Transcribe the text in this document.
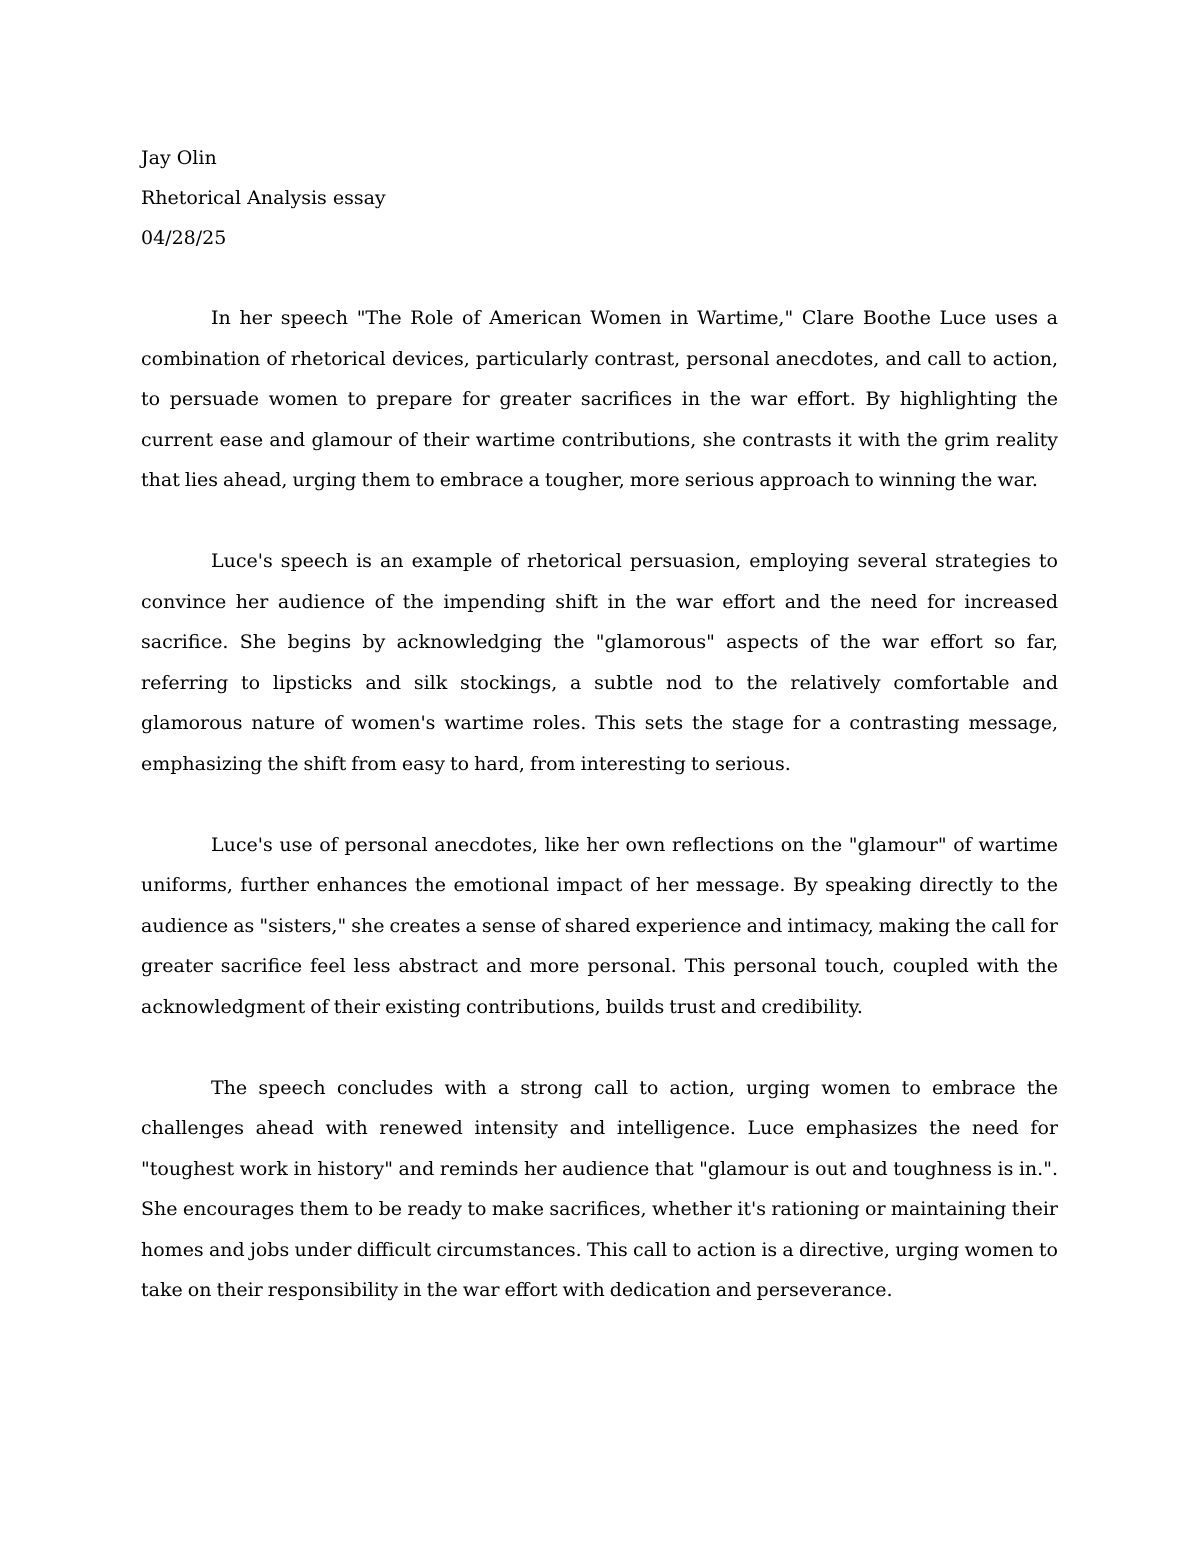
Jay Olin

Rhetorical Analysis essay

04/28/25

In her speech "The Role of American Women in Wartime," Clare Boothe Luce uses a combination of rhetorical devices, particularly contrast, personal anecdotes, and call to action, to persuade women to prepare for greater sacrifices in the war effort. By highlighting the current ease and glamour of their wartime contributions, she contrasts it with the grim reality that lies ahead, urging them to embrace a tougher, more serious approach to winning the war.

Luce's speech is an example of rhetorical persuasion, employing several strategies to convince her audience of the impending shift in the war effort and the need for increased sacrifice. She begins by acknowledging the "glamorous" aspects of the war effort so far, referring to lipsticks and silk stockings, a subtle nod to the relatively comfortable and glamorous nature of women's wartime roles. This sets the stage for a contrasting message, emphasizing the shift from easy to hard, from interesting to serious.

Luce's use of personal anecdotes, like her own reflections on the "glamour" of wartime uniforms, further enhances the emotional impact of her message. By speaking directly to the audience as "sisters," she creates a sense of shared experience and intimacy, making the call for greater sacrifice feel less abstract and more personal. This personal touch, coupled with the acknowledgment of their existing contributions, builds trust and credibility.

The speech concludes with a strong call to action, urging women to embrace the challenges ahead with renewed intensity and intelligence. Luce emphasizes the need for "toughest work in history" and reminds her audience that "glamour is out and toughness is in.". She encourages them to be ready to make sacrifices, whether it's rationing or maintaining their homes and jobs under difficult circumstances. This call to action is a directive, urging women to take on their responsibility in the war effort with dedication and perseverance.
